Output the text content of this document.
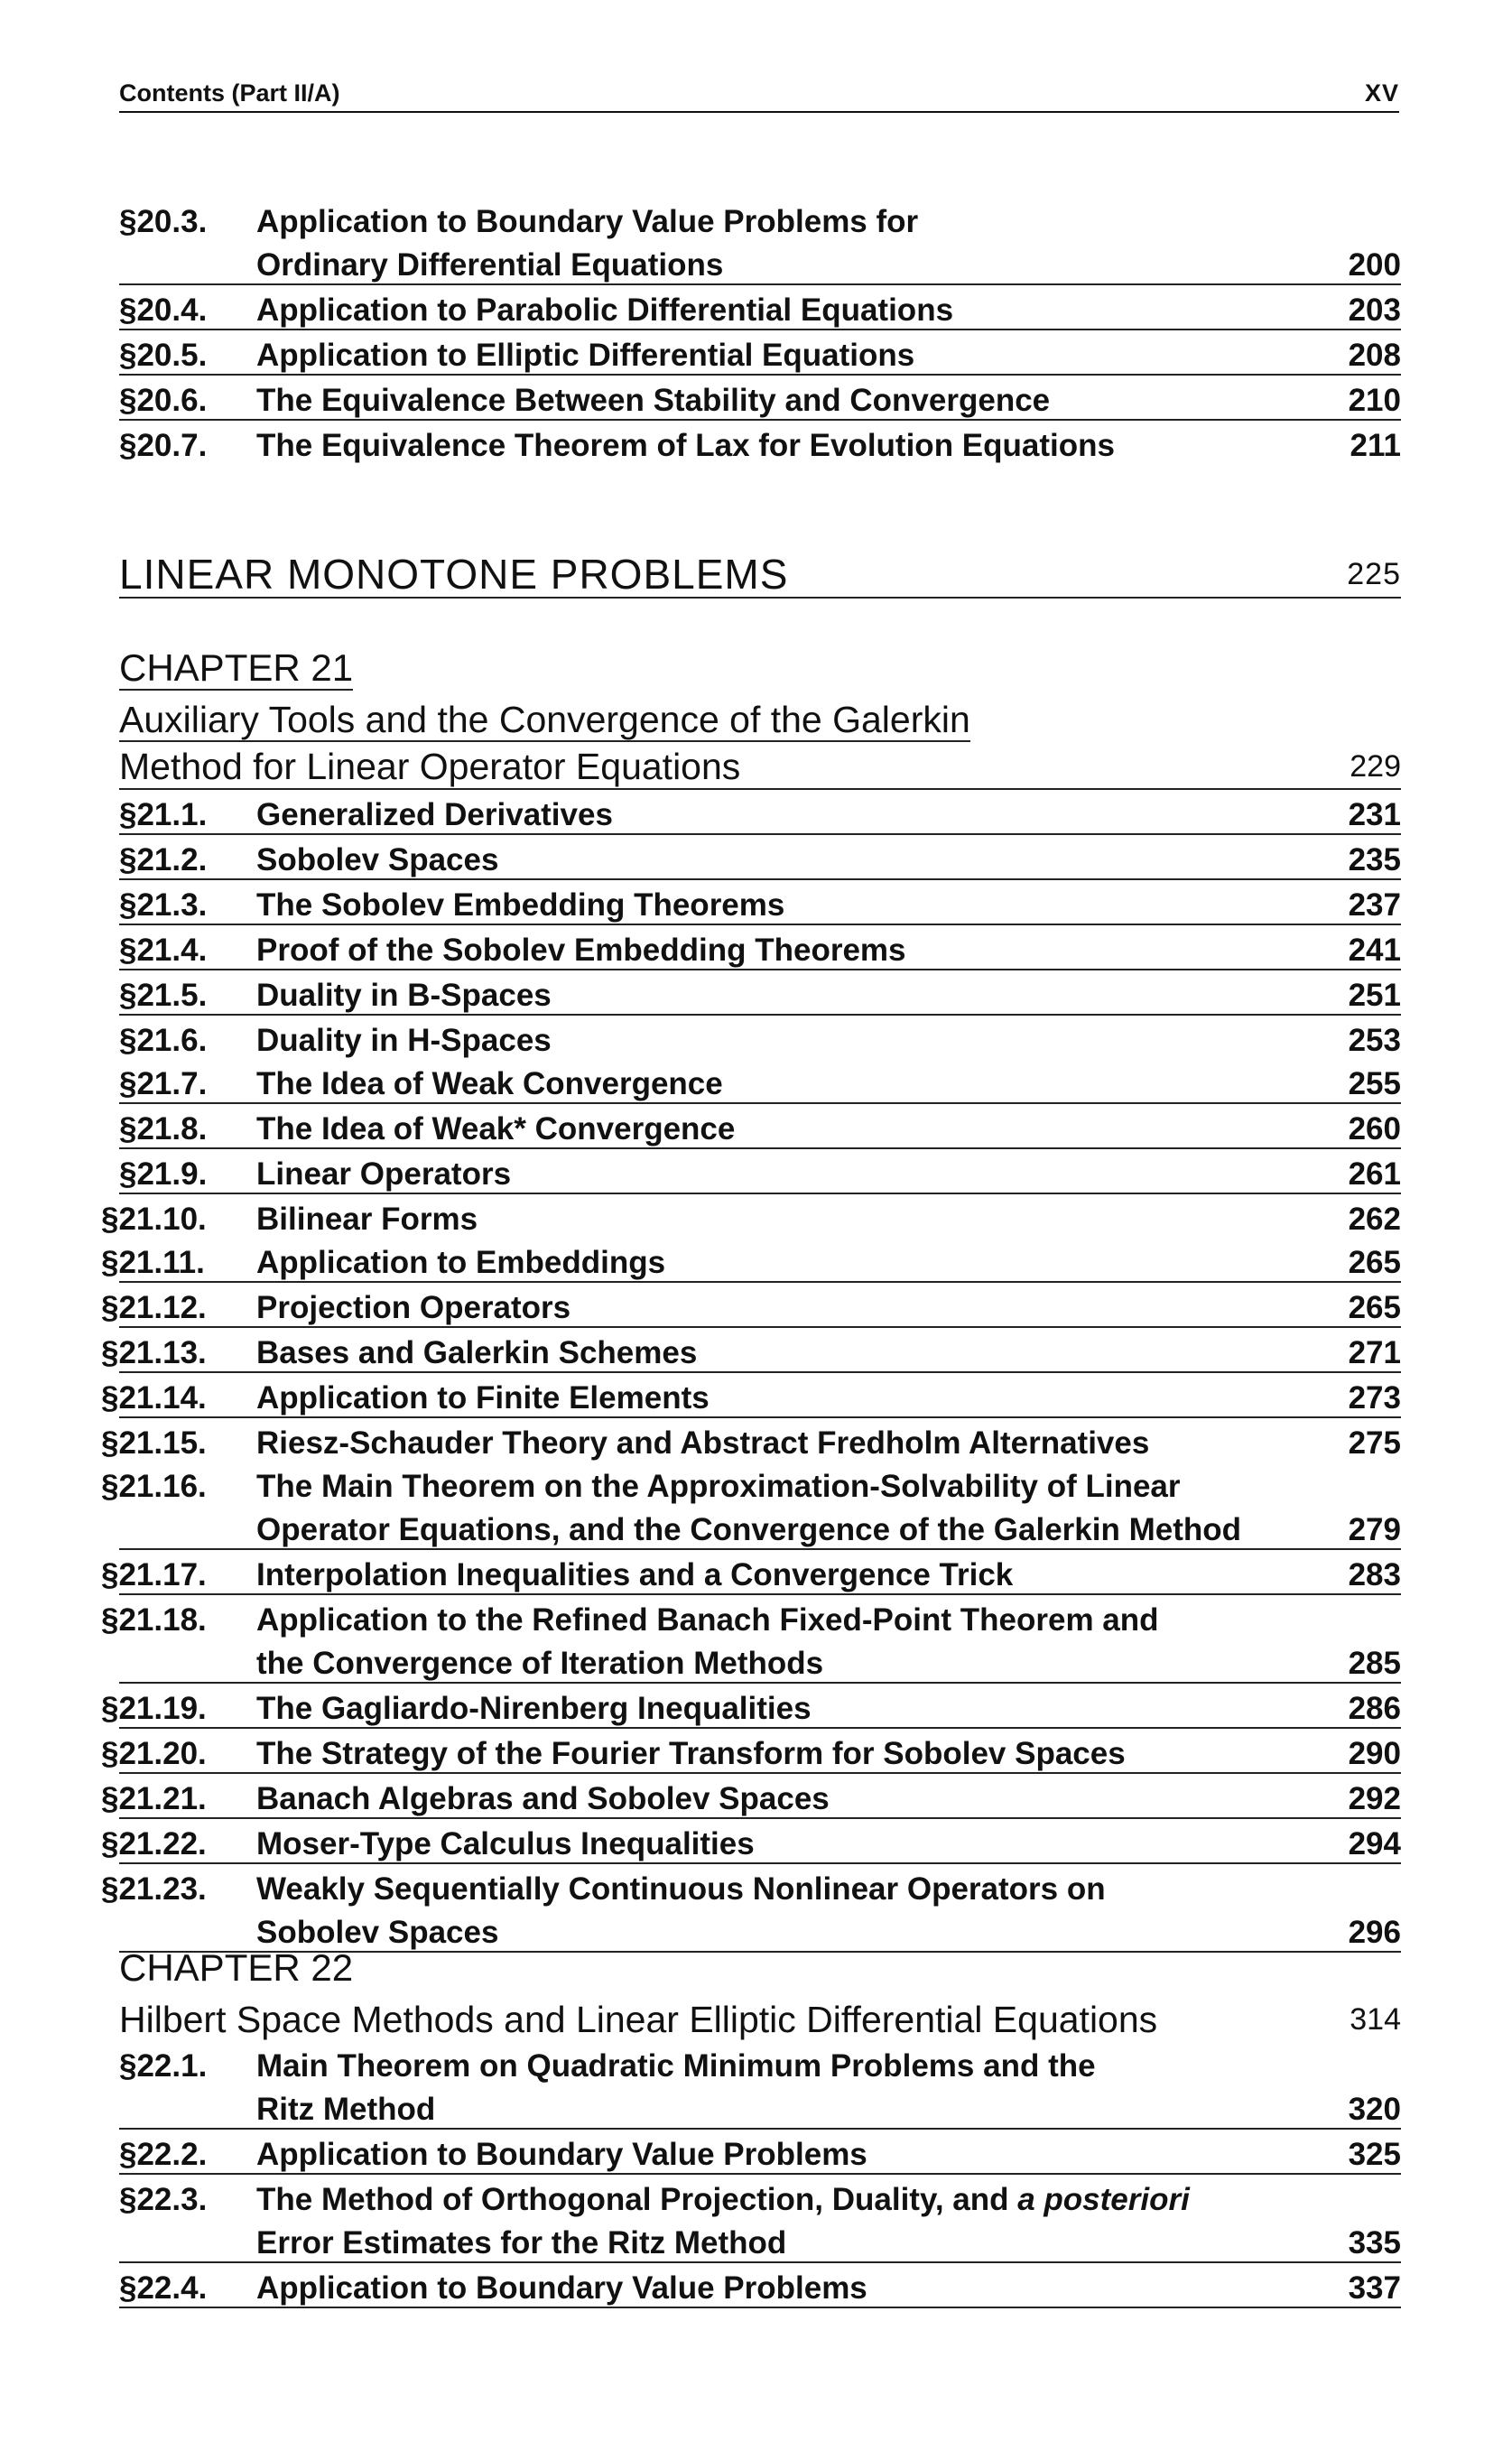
Contents (Part II/A)	XV
§20.3.	Application to Boundary Value Problems for
Ordinary Differential Equations	200
§20.4.	Application to Parabolic Differential Equations	203
§20.5.	Application to Elliptic Differential Equations	208
§20.6.	The Equivalence Between Stability and Convergence	210
§20.7.	The Equivalence Theorem of Lax for Evolution Equations	211
LINEAR MONOTONE PROBLEMS	225
CHAPTER 21
Auxiliary Tools and the Convergence of the Galerkin
Method for Linear Operator Equations	229
§21.1.	Generalized Derivatives	231
§21.2.	Sobolev Spaces	235
§21.3.	The Sobolev Embedding Theorems	237
§21.4.	Proof of the Sobolev Embedding Theorems	241
§21.5.	Duality in B-Spaces	251
§21.6.	Duality in H-Spaces	253
§21.7.	The Idea of Weak Convergence	255
§21.8.	The Idea of Weak* Convergence	260
§21.9.	Linear Operators	261
§21.10.	Bilinear Forms	262
§21.11.	Application to Embeddings	265
§21.12.	Projection Operators	265
§21.13.	Bases and Galerkin Schemes	271
§21.14.	Application to Finite Elements	273
§21.15.	Riesz-Schauder Theory and Abstract Fredholm Alternatives	275
§21.16.	The Main Theorem on the Approximation-Solvability of Linear
Operator Equations, and the Convergence of the Galerkin Method	279
§21.17.	Interpolation Inequalities and a Convergence Trick	283
§21.18.	Application to the Refined Banach Fixed-Point Theorem and
the Convergence of Iteration Methods	285
§21.19.	The Gagliardo-Nirenberg Inequalities	286
§21.20.	The Strategy of the Fourier Transform for Sobolev Spaces	290
§21.21.	Banach Algebras and Sobolev Spaces	292
§21.22.	Moser-Type Calculus Inequalities	294
§21.23.	Weakly Sequentially Continuous Nonlinear Operators on
Sobolev Spaces	296
CHAPTER 22
Hilbert Space Methods and Linear Elliptic Differential Equations	314
§22.1.	Main Theorem on Quadratic Minimum Problems and the
Ritz Method	320
§22.2.	Application to Boundary Value Problems	325
§22.3.	The Method of Orthogonal Projection, Duality, and a posteriori
Error Estimates for the Ritz Method	335
§22.4.	Application to Boundary Value Problems	337
